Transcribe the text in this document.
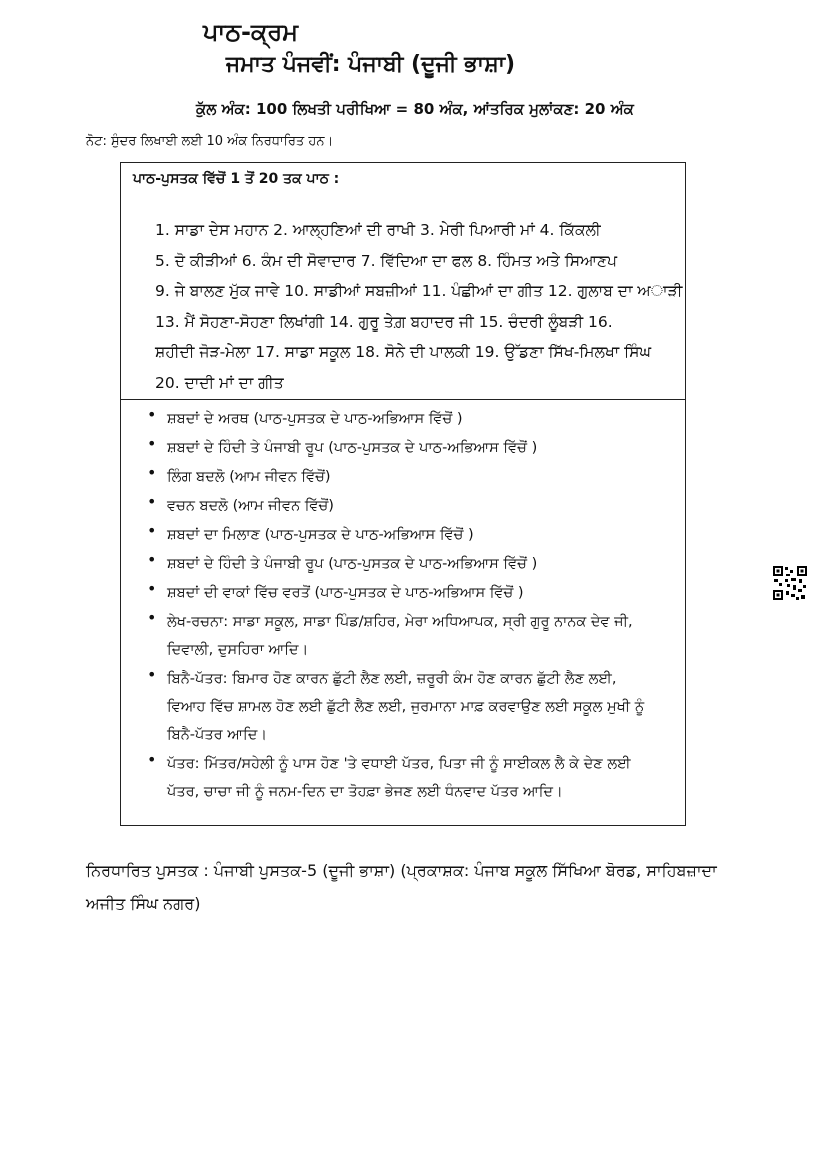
ਪਾਠ-ਕ੍ਰਮ
ਜਮਾਤ ਪੰਜਵੀਂ: ਪੰਜਾਬੀ (ਦੂਜੀ ਭਾਸ਼ਾ)
ਕੁੱਲ ਅੰਕ: 100 ਲਿਖਤੀ ਪਰੀਖਿਆ = 80 ਅੰਕ, ਆਂਤਰਿਕ ਮੁਲਾਂਕਣ: 20 ਅੰਕ
ਨੋਟ: ਸੁੰਦਰ ਲਿਖਾਈ ਲਈ 10 ਅੰਕ ਨਿਰਧਾਰਿਤ ਹਨ।
ਪਾਠ-ਪੁਸਤਕ ਵਿੱਚੋਂ 1 ਤੋਂ 20 ਤਕ ਪਾਠ :
1. ਸਾਡਾ ਦੇਸ ਮਹਾਨ 2. ਆਲ੍ਹਣਿਆਂ ਦੀ ਰਾਖੀ 3. ਮੇਰੀ ਪਿਆਰੀ ਮਾਂ 4. ਕਿੱਕਲੀ
5. ਦੋ ਕੀੜੀਆਂ 6. ਕੰਮ ਦੀ ਸੋਵਾਦਾਰ 7. ਵਿੱਦਿਆ ਦਾ ਫਲ 8. ਹਿੰਮਤ ਅਤੇ ਸਿਆਣਪ
9. ਜੇ ਬਾਲਣ ਮੁੱਕ ਜਾਵੇ 10. ਸਾਡੀਆਂ ਸਬਜ਼ੀਆਂ 11. ਪੰਛੀਆਂ ਦਾ ਗੀਤ 12. ਗੁਲਾਬ ਦਾ ਅਾੜੀ
13. ਮੈਂ ਸੋਹਣਾ-ਸੋਹਣਾ ਲਿਖਾਂਗੀ 14. ਗੁਰੂ ਤੇਗ਼ ਬਹਾਦਰ ਜੀ 15. ਚੰਦਰੀ ਲੂੰਬੜੀ 16.
ਸ਼ਹੀਦੀ ਜੋੜ-ਮੇਲਾ 17. ਸਾਡਾ ਸਕੂਲ 18. ਸੋਨੇ ਦੀ ਪਾਲਕੀ 19. ਉੱਡਣਾ ਸਿੱਖ-ਮਿਲਖਾ ਸਿੰਘ
20. ਦਾਦੀ ਮਾਂ ਦਾ ਗੀਤ
• ਸ਼ਬਦਾਂ ਦੇ ਅਰਥ (ਪਾਠ-ਪੁਸਤਕ ਦੇ ਪਾਠ-ਅਭਿਆਸ ਵਿੱਚੋਂ )
• ਸ਼ਬਦਾਂ ਦੇ ਹਿੰਦੀ ਤੇ ਪੰਜਾਬੀ ਰੂਪ (ਪਾਠ-ਪੁਸਤਕ ਦੇ ਪਾਠ-ਅਭਿਆਸ ਵਿੱਚੋਂ )
• ਲਿੰਗ ਬਦਲੋ (ਆਮ ਜੀਵਨ ਵਿੱਚੋਂ)
• ਵਚਨ ਬਦਲੋ (ਆਮ ਜੀਵਨ ਵਿੱਚੋਂ)
• ਸ਼ਬਦਾਂ ਦਾ ਮਿਲਾਣ (ਪਾਠ-ਪੁਸਤਕ ਦੇ ਪਾਠ-ਅਭਿਆਸ ਵਿੱਚੋਂ )
• ਸ਼ਬਦਾਂ ਦੇ ਹਿੰਦੀ ਤੇ ਪੰਜਾਬੀ ਰੂਪ (ਪਾਠ-ਪੁਸਤਕ ਦੇ ਪਾਠ-ਅਭਿਆਸ ਵਿੱਚੋਂ )
• ਸ਼ਬਦਾਂ ਦੀ ਵਾਕਾਂ ਵਿੱਚ ਵਰਤੋਂ (ਪਾਠ-ਪੁਸਤਕ ਦੇ ਪਾਠ-ਅਭਿਆਸ ਵਿੱਚੋਂ )
• ਲੇਖ-ਰਚਨਾ: ਸਾਡਾ ਸਕੂਲ, ਸਾਡਾ ਪਿੰਡ/ਸ਼ਹਿਰ, ਮੇਰਾ ਅਧਿਆਪਕ, ਸ੍ਰੀ ਗੁਰੂ ਨਾਨਕ ਦੇਵ ਜੀ,
ਦਿਵਾਲੀ, ਦੁਸਹਿਰਾ ਆਦਿ।
• ਬਿਨੈ-ਪੱਤਰ: ਬਿਮਾਰ ਹੋਣ ਕਾਰਨ ਛੁੱਟੀ ਲੈਣ ਲਈ, ਜ਼ਰੂਰੀ ਕੰਮ ਹੋਣ ਕਾਰਨ ਛੁੱਟੀ ਲੈਣ ਲਈ,
ਵਿਆਹ ਵਿੱਚ ਸ਼ਾਮਲ ਹੋਣ ਲਈ ਛੁੱਟੀ ਲੈਣ ਲਈ, ਜੁਰਮਾਨਾ ਮਾਫ਼ ਕਰਵਾਉਣ ਲਈ ਸਕੂਲ ਮੁਖੀ ਨੂੰ
ਬਿਨੈ-ਪੱਤਰ ਆਦਿ।
• ਪੱਤਰ: ਮਿੱਤਰ/ਸਹੇਲੀ ਨੂੰ ਪਾਸ ਹੋਣ 'ਤੇ ਵਧਾਈ ਪੱਤਰ, ਪਿਤਾ ਜੀ ਨੂੰ ਸਾਈਕਲ ਲੈ ਕੇ ਦੇਣ ਲਈ
ਪੱਤਰ, ਚਾਚਾ ਜੀ ਨੂੰ ਜਨਮ-ਦਿਨ ਦਾ ਤੋਹਫ਼ਾ ਭੇਜਣ ਲਈ ਧੰਨਵਾਦ ਪੱਤਰ ਆਦਿ।
ਨਿਰਧਾਰਿਤ ਪੁਸਤਕ : ਪੰਜਾਬੀ ਪੁਸਤਕ-5 (ਦੂਜੀ ਭਾਸ਼ਾ) (ਪ੍ਰਕਾਸ਼ਕ: ਪੰਜਾਬ ਸਕੂਲ ਸਿੱਖਿਆ ਬੋਰਡ, ਸਾਹਿਬਜ਼ਾਦਾ
ਅਜੀਤ ਸਿੰਘ ਨਗਰ)
